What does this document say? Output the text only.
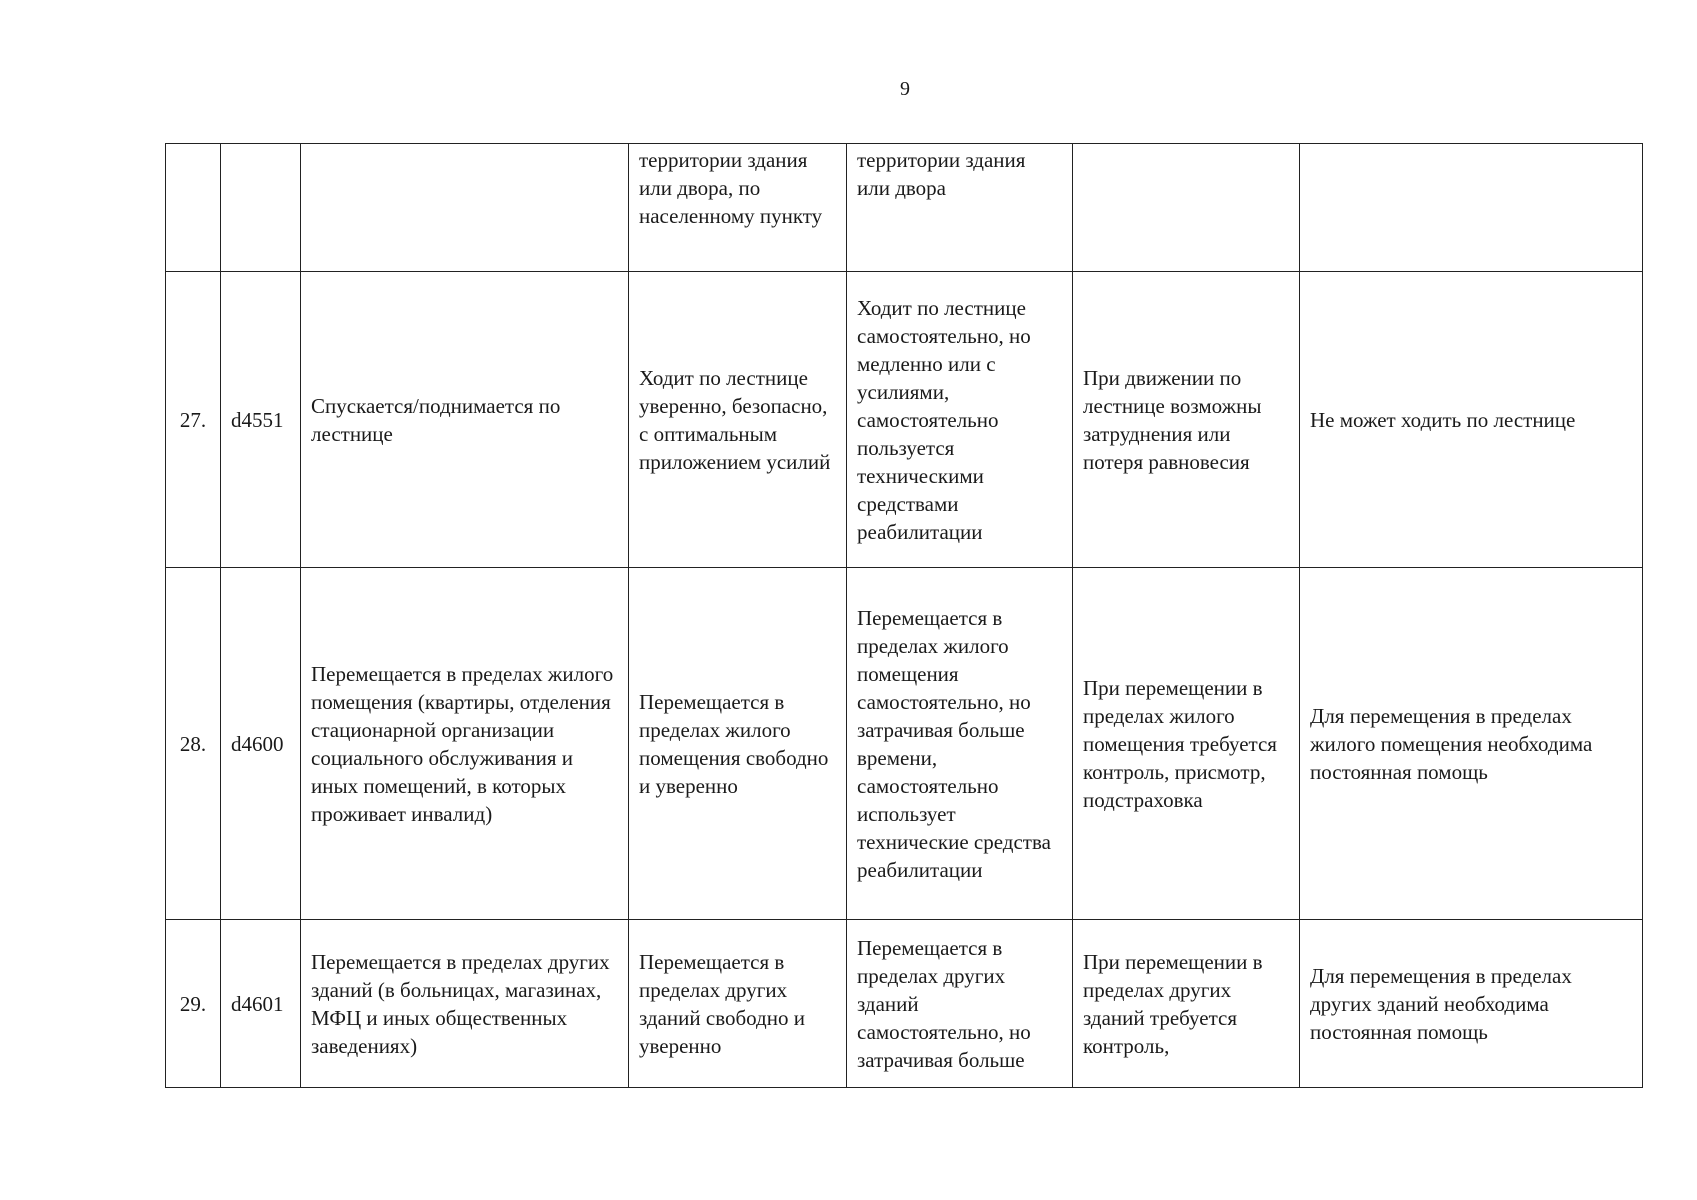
9
			территории здания или двора, по населенному пункту	территории здания или двора		
27.	d4551	Спускается/поднимается по лестнице	Ходит по лестнице уверенно, безопасно, с оптимальным приложением усилий	Ходит по лестнице самостоятельно, но медленно или с усилиями, самостоятельно пользуется техническими средствами реабилитации	При движении по лестнице возможны затруднения или потеря равновесия	Не может ходить по лестнице
28.	d4600	Перемещается в пределах жилого помещения (квартиры, отделения стационарной организации социального обслуживания и иных помещений, в которых проживает инвалид)	Перемещается в пределах жилого помещения свободно и уверенно	Перемещается в пределах жилого помещения самостоятельно, но затрачивая больше времени, самостоятельно использует технические средства реабилитации	При перемещении в пределах жилого помещения требуется контроль, присмотр, подстраховка	Для перемещения в пределах жилого помещения необходима постоянная помощь
29.	d4601	Перемещается в пределах других зданий (в больницах, магазинах, МФЦ и иных общественных заведениях)	Перемещается в пределах других зданий свободно и уверенно	Перемещается в пределах других зданий самостоятельно, но затрачивая больше	При перемещении в пределах других зданий требуется контроль,	Для перемещения в пределах других зданий необходима постоянная помощь
